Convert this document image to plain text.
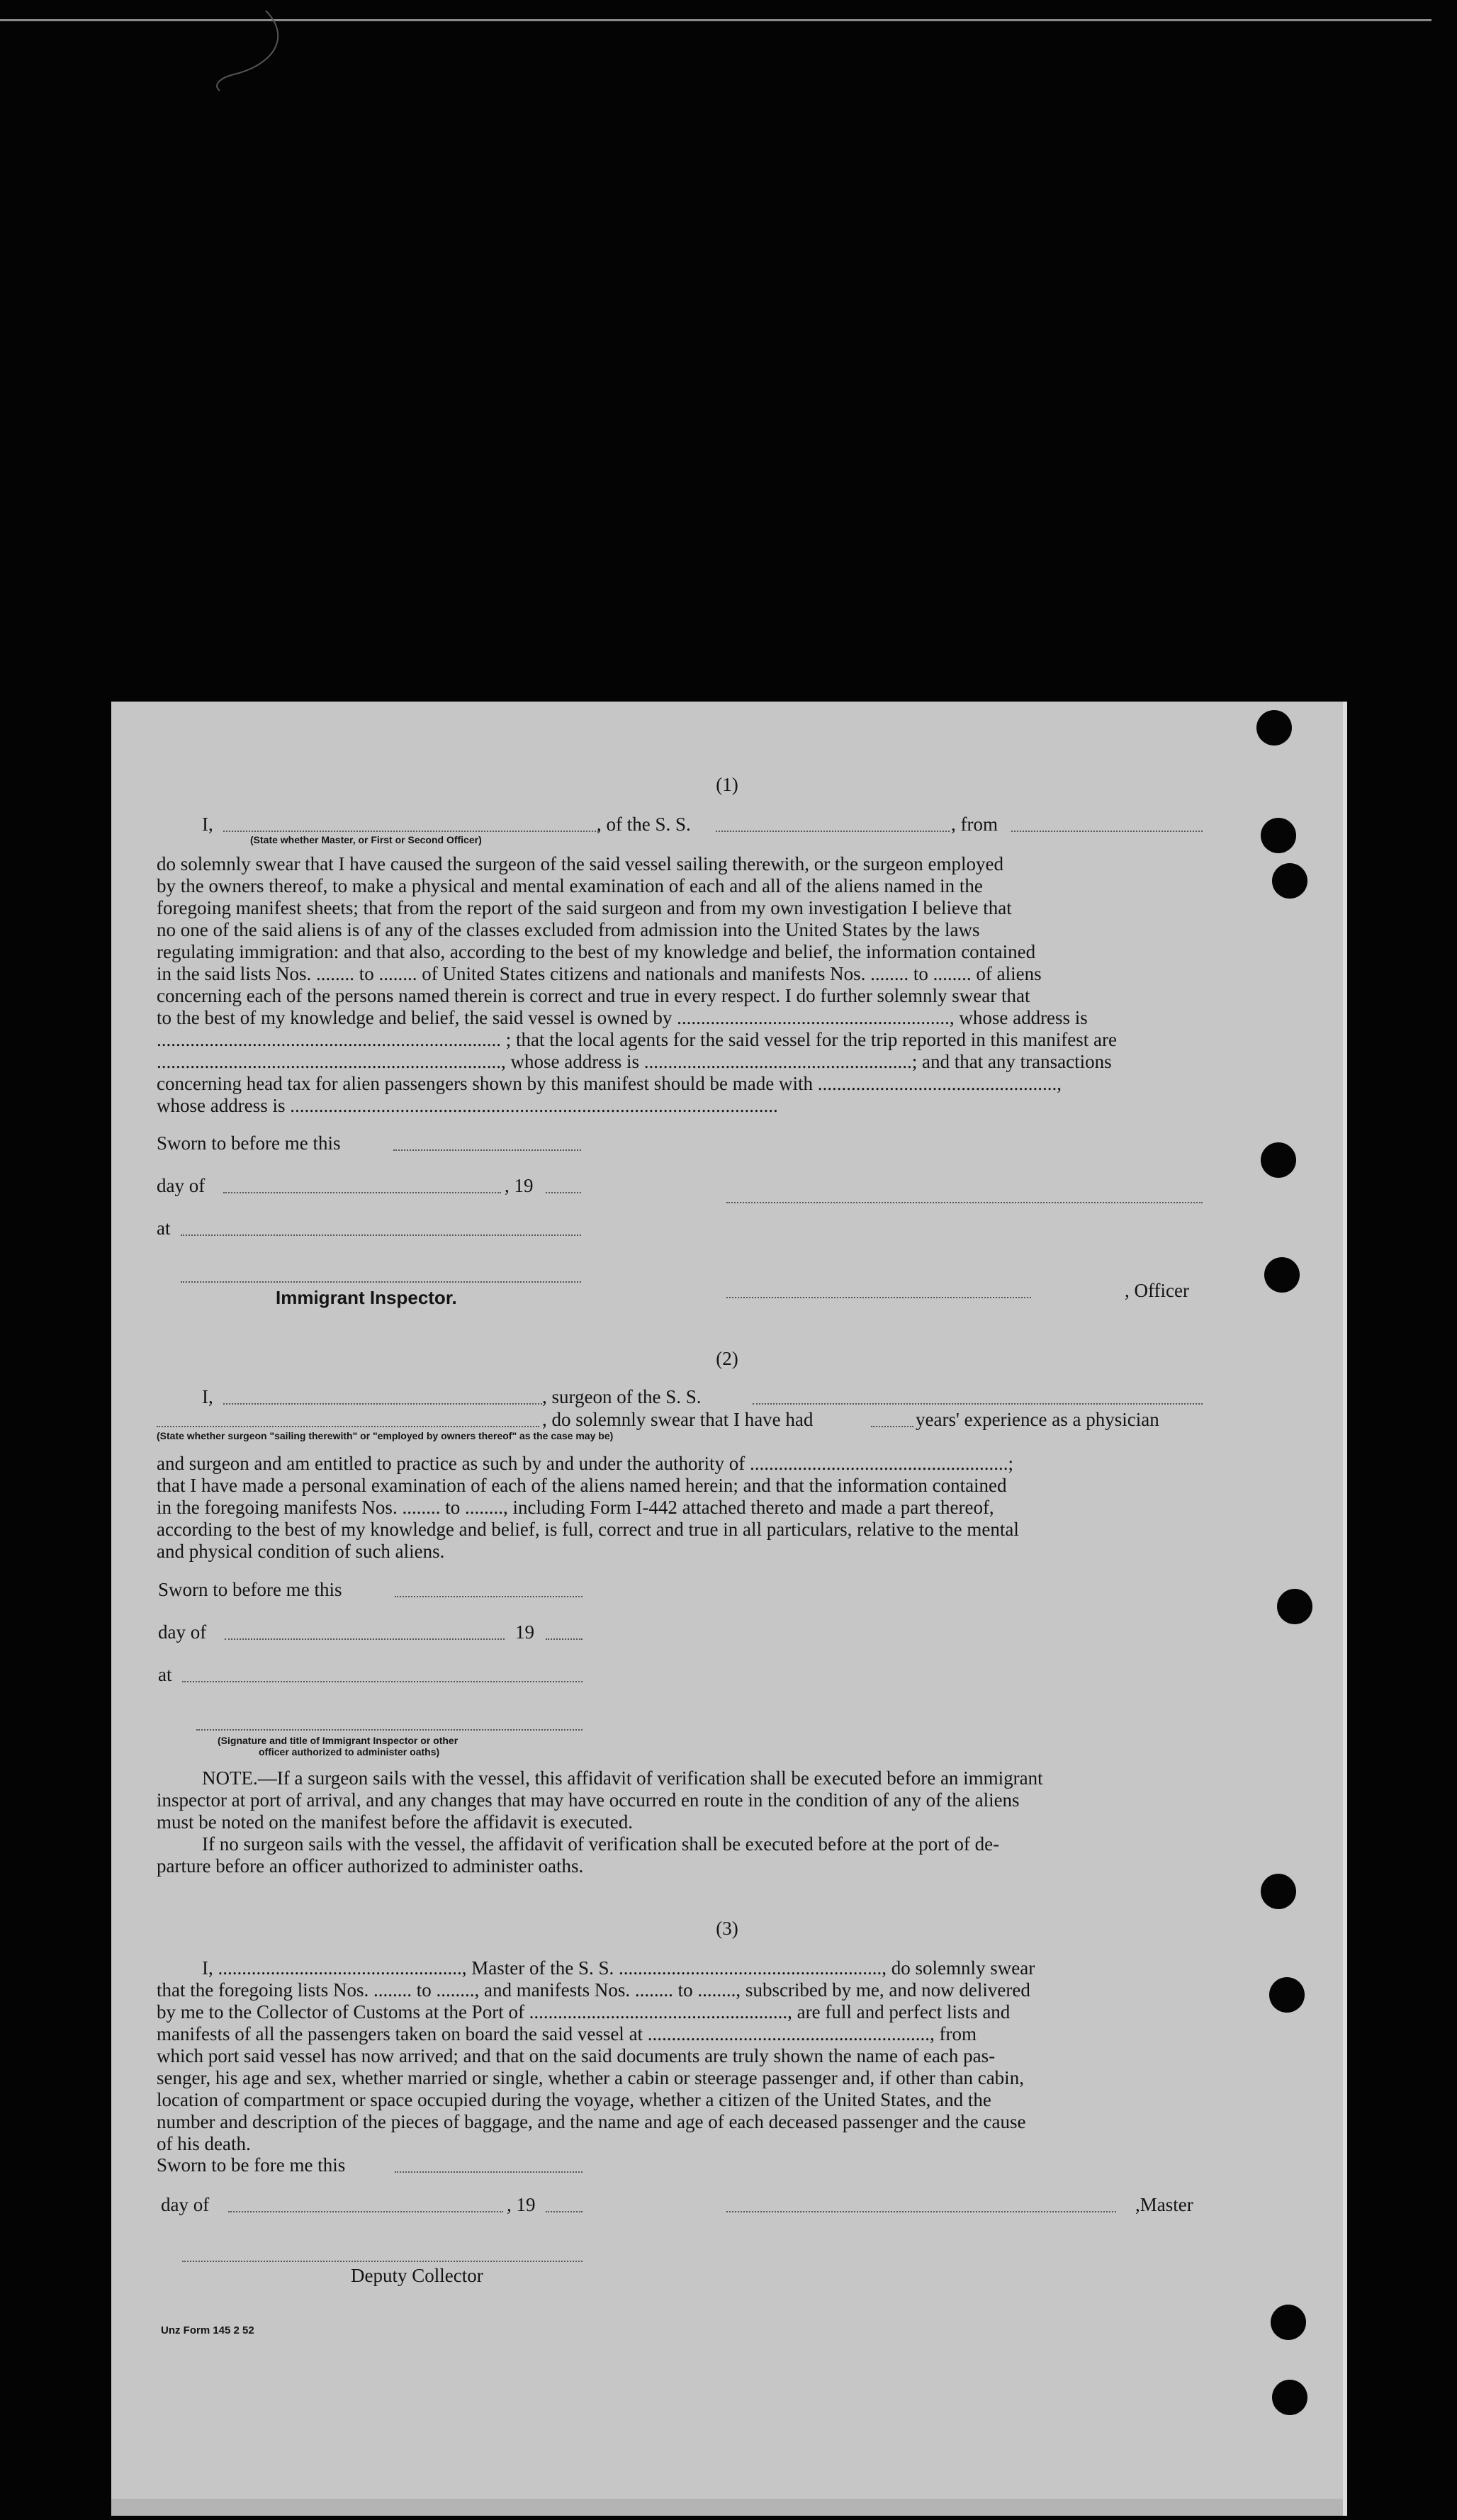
(1)
I,	, of the S. S.	, from
(State whether Master, or First or Second Officer)

do solemnly swear that I have caused the surgeon of the said vessel sailing therewith, or the surgeon employed

by the owners thereof, to make a physical and mental examination of each and all of the aliens named in the

foregoing manifest sheets; that from the report of the said surgeon and from my own investigation I believe that

no one of the said aliens is of any of the classes excluded from admission into the United States by the laws

regulating immigration: and that also, according to the best of my knowledge and belief, the information contained

in the said lists Nos. ........ to ........ of United States citizens and nationals and manifests Nos. ........ to ........ of aliens

concerning each of the persons named therein is correct and true in every respect. I do further solemnly swear that

to the best of my knowledge and belief, the said vessel is owned by ........................................................., whose address is

........................................................................ ; that the local agents for the said vessel for the trip reported in this manifest are

........................................................................, whose address is ........................................................; and that any transactions

concerning head tax for alien passengers shown by this manifest should be made with ..................................................,

whose address is ......................................................................................................

Sworn to before me this
day of	, 19
at
Immigrant Inspector.	, Officer
(2)
I,	, surgeon of the S. S.
, do solemnly swear that I have had	years' experience as a physician
(State whether surgeon "sailing therewith" or "employed by owners thereof" as the case may be)

and surgeon and am entitled to practice as such by and under the authority of ......................................................;

that I have made a personal examination of each of the aliens named herein; and that the information contained

in the foregoing manifests Nos. ........ to ........, including Form I-442 attached thereto and made a part thereof,

according to the best of my knowledge and belief, is full, correct and true in all particulars, relative to the mental

and physical condition of such aliens.

Sworn to before me this
day of	19
at
(Signature and title of Immigrant Inspector or other
officer authorized to administer oaths)

NOTE.—If a surgeon sails with the vessel, this affidavit of verification shall be executed before an immigrant

inspector at port of arrival, and any changes that may have occurred en route in the condition of any of the aliens

must be noted on the manifest before the affidavit is executed.

If no surgeon sails with the vessel, the affidavit of verification shall be executed before at the port of de-

parture before an officer authorized to administer oaths.

(3)

I, ..................................................., Master of the S. S. ......................................................., do solemnly swear

that the foregoing lists Nos. ........ to ........, and manifests Nos. ........ to ........, subscribed by me, and now delivered

by me to the Collector of Customs at the Port of ......................................................, are full and perfect lists and

manifests of all the passengers taken on board the said vessel at ..........................................................., from

which port said vessel has now arrived; and that on the said documents are truly shown the name of each pas-

senger, his age and sex, whether married or single, whether a cabin or steerage passenger and, if other than cabin,

location of compartment or space occupied during the voyage, whether a citizen of the United States, and the

number and description of the pieces of baggage, and the name and age of each deceased passenger and the cause

of his death.

Sworn to be fore me this
day of	, 19	,Master
Deputy Collector
Unz Form 145 2 52
